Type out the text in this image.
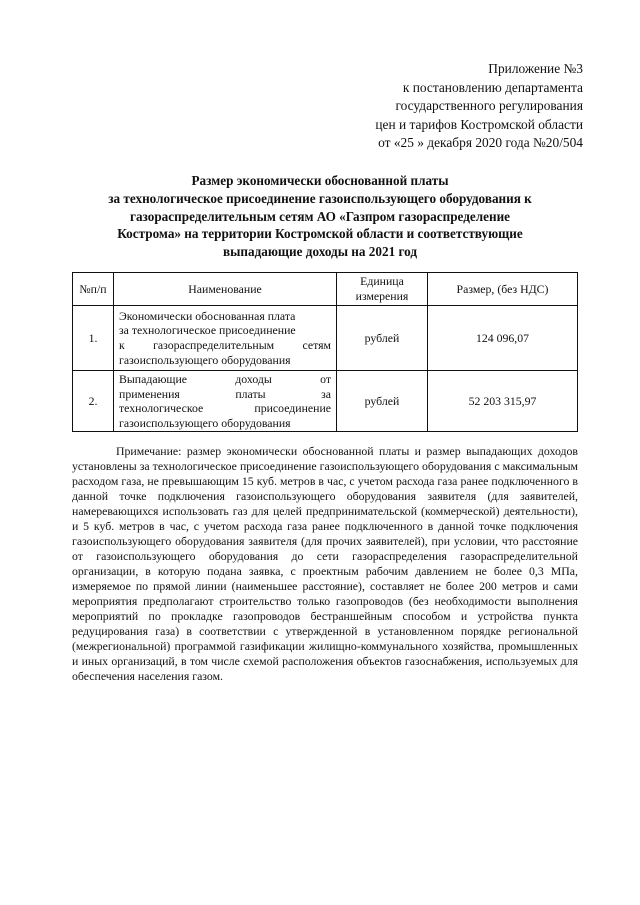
Приложение №3
к постановлению департамента
государственного регулирования
цен и тарифов Костромской области
от «25 » декабря 2020 года №20/504
Размер экономически обоснованной платы
за технологическое присоединение газоиспользующего оборудования к
газораспределительным сетям АО «Газпром газораспределение
Кострома» на территории Костромской области и соответствующие
выпадающие доходы на 2021 год
№п/п	Наименование	Единица
измерения	Размер, (без НДС)
1.	Экономически обоснованная плата
за технологическое присоединение
к газораспределительным сетям
газоиспользующего оборудования	рублей	124 096,07
2.	Выпадающие доходы от
применения платы за
технологическое присоединение
газоиспользующего оборудования	рублей	52 203 315,97
Примечание: размер экономически обоснованной платы и размер выпадающих доходов установлены за технологическое присоединение газоиспользующего оборудования с максимальным расходом газа, не превышающим 15 куб. метров в час, с учетом расхода газа ранее подключенного в данной точке подключения газоиспользующего оборудования заявителя (для заявителей, намеревающихся использовать газ для целей предпринимательской (коммерческой) деятельности), и 5 куб. метров в час, с учетом расхода газа ранее подключенного в данной точке подключения газоиспользующего оборудования заявителя (для прочих заявителей), при условии, что расстояние от газоиспользующего оборудования до сети газораспределения газораспределительной организации, в которую подана заявка, с проектным рабочим давлением не более 0,3 МПа, измеряемое по прямой линии (наименьшее расстояние), составляет не более 200 метров и сами мероприятия предполагают строительство только газопроводов (без необходимости выполнения мероприятий по прокладке газопроводов бестраншейным способом и устройства пункта редуцирования газа) в соответствии с утвержденной в установленном порядке региональной (межрегиональной) программой газификации жилищно-коммунального хозяйства, промышленных и иных организаций, в том числе схемой расположения объектов газоснабжения, используемых для обеспечения населения газом.
